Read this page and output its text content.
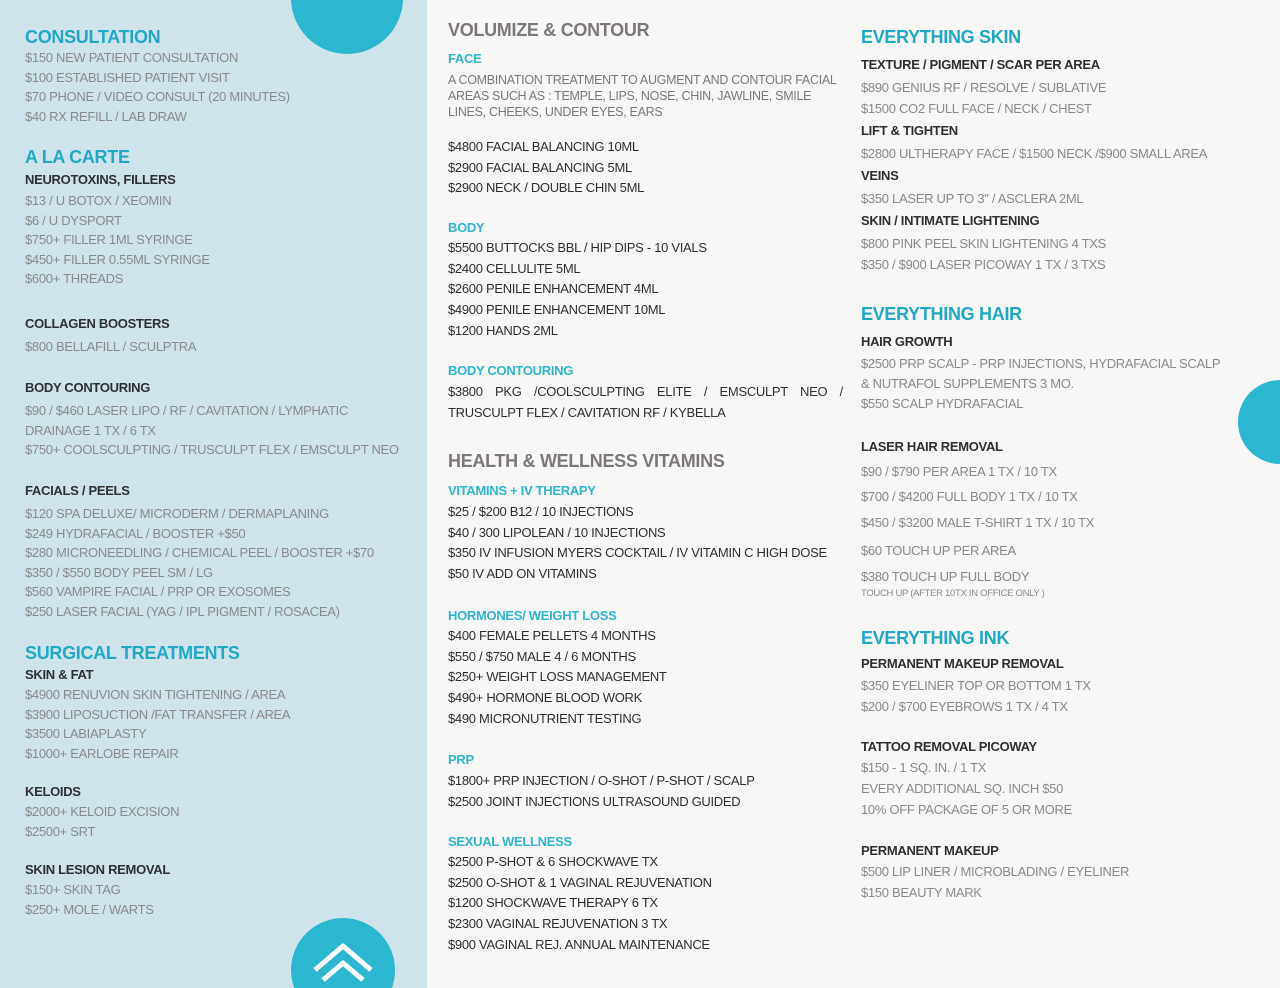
CONSULTATION
$150 NEW PATIENT CONSULTATION
$100 ESTABLISHED PATIENT VISIT
$70 PHONE / VIDEO CONSULT (20 MINUTES)
$40 RX REFILL / LAB DRAW
A LA CARTE
NEUROTOXINS, FILLERS
$13 / U BOTOX / XEOMIN
$6 / U DYSPORT
$750+ FILLER 1ML SYRINGE
$450+ FILLER 0.55ML SYRINGE
$600+ THREADS
COLLAGEN BOOSTERS
$800 BELLAFILL / SCULPTRA
BODY CONTOURING
$90 / $460 LASER LIPO / RF / CAVITATION / LYMPHATIC
DRAINAGE 1 TX / 6 TX
$750+ COOLSCULPTING / TRUSCULPT FLEX / EMSCULPT NEO
FACIALS / PEELS
$120 SPA DELUXE/ MICRODERM / DERMAPLANING
$249 HYDRAFACIAL / BOOSTER +$50
$280 MICRONEEDLING / CHEMICAL PEEL / BOOSTER +$70
$350 / $550 BODY PEEL SM / LG
$560 VAMPIRE FACIAL / PRP OR EXOSOMES
$250 LASER FACIAL (YAG / IPL PIGMENT / ROSACEA)
SURGICAL TREATMENTS
SKIN & FAT
$4900 RENUVION SKIN TIGHTENING / AREA
$3900 LIPOSUCTION /FAT TRANSFER / AREA
$3500 LABIAPLASTY
$1000+ EARLOBE REPAIR
KELOIDS
$2000+ KELOID EXCISION
$2500+ SRT
SKIN LESION REMOVAL
$150+ SKIN TAG
$250+ MOLE / WARTS
VOLUMIZE & CONTOUR
FACE
A COMBINATION TREATMENT TO AUGMENT AND CONTOUR FACIAL AREAS SUCH AS : TEMPLE, LIPS, NOSE, CHIN, JAWLINE, SMILE LINES, CHEEKS, UNDER EYES, EARS
$4800 FACIAL BALANCING 10ML
$2900 FACIAL BALANCING 5ML
$2900 NECK / DOUBLE CHIN 5ML
BODY
$5500 BUTTOCKS BBL / HIP DIPS - 10 VIALS
$2400 CELLULITE 5ML
$2600 PENILE ENHANCEMENT 4ML
$4900 PENILE ENHANCEMENT 10ML
$1200 HANDS 2ML
BODY CONTOURING
$3800 PKG /COOLSCULPTING ELITE / EMSCULPT NEO / TRUSCULPT FLEX / CAVITATION RF / KYBELLA
HEALTH & WELLNESS VITAMINS
VITAMINS + IV THERAPY
$25 / $200 B12 / 10 INJECTIONS
$40 / 300 LIPOLEAN / 10 INJECTIONS
$350 IV INFUSION MYERS COCKTAIL / IV VITAMIN C HIGH DOSE
$50 IV ADD ON VITAMINS
HORMONES/ WEIGHT LOSS
$400 FEMALE PELLETS 4 MONTHS
$550 / $750 MALE 4 / 6 MONTHS
$250+ WEIGHT LOSS MANAGEMENT
$490+ HORMONE BLOOD WORK
$490 MICRONUTRIENT TESTING
PRP
$1800+ PRP INJECTION / O-SHOT / P-SHOT / SCALP
$2500 JOINT INJECTIONS ULTRASOUND GUIDED
SEXUAL WELLNESS
$2500 P-SHOT & 6 SHOCKWAVE TX
$2500 O-SHOT & 1 VAGINAL REJUVENATION
$1200 SHOCKWAVE THERAPY 6 TX
$2300 VAGINAL REJUVENATION 3 TX
$900 VAGINAL REJ. ANNUAL MAINTENANCE
EVERYTHING SKIN
TEXTURE / PIGMENT / SCAR PER AREA
$890 GENIUS RF / RESOLVE / SUBLATIVE
$1500 CO2 FULL FACE / NECK / CHEST
LIFT & TIGHTEN
$2800 ULTHERAPY FACE / $1500 NECK /$900 SMALL AREA
VEINS
$350 LASER UP TO 3" / ASCLERA 2ML
SKIN / INTIMATE LIGHTENING
$800 PINK PEEL SKIN LIGHTENING 4 TXS
$350 / $900 LASER PICOWAY 1 TX / 3 TXS
EVERYTHING HAIR
HAIR GROWTH
$2500 PRP SCALP - PRP INJECTIONS, HYDRAFACIAL SCALP
& NUTRAFOL SUPPLEMENTS 3 MO.
$550 SCALP HYDRAFACIAL
LASER HAIR REMOVAL
$90 / $790 PER AREA 1 TX / 10 TX
$700 / $4200 FULL BODY 1 TX / 10 TX
$450 / $3200 MALE T-SHIRT 1 TX / 10 TX
$60 TOUCH UP PER AREA
$380 TOUCH UP FULL BODY
TOUCH UP (AFTER 10TX IN OFFICE ONLY )
EVERYTHING INK
PERMANENT MAKEUP REMOVAL
$350 EYELINER TOP OR BOTTOM 1 TX
$200 / $700 EYEBROWS 1 TX / 4 TX
TATTOO REMOVAL PICOWAY
$150 - 1 SQ. IN. / 1 TX
EVERY ADDITIONAL SQ. INCH $50
10% OFF PACKAGE OF 5 OR MORE
PERMANENT MAKEUP
$500 LIP LINER / MICROBLADING / EYELINER
$150 BEAUTY MARK
